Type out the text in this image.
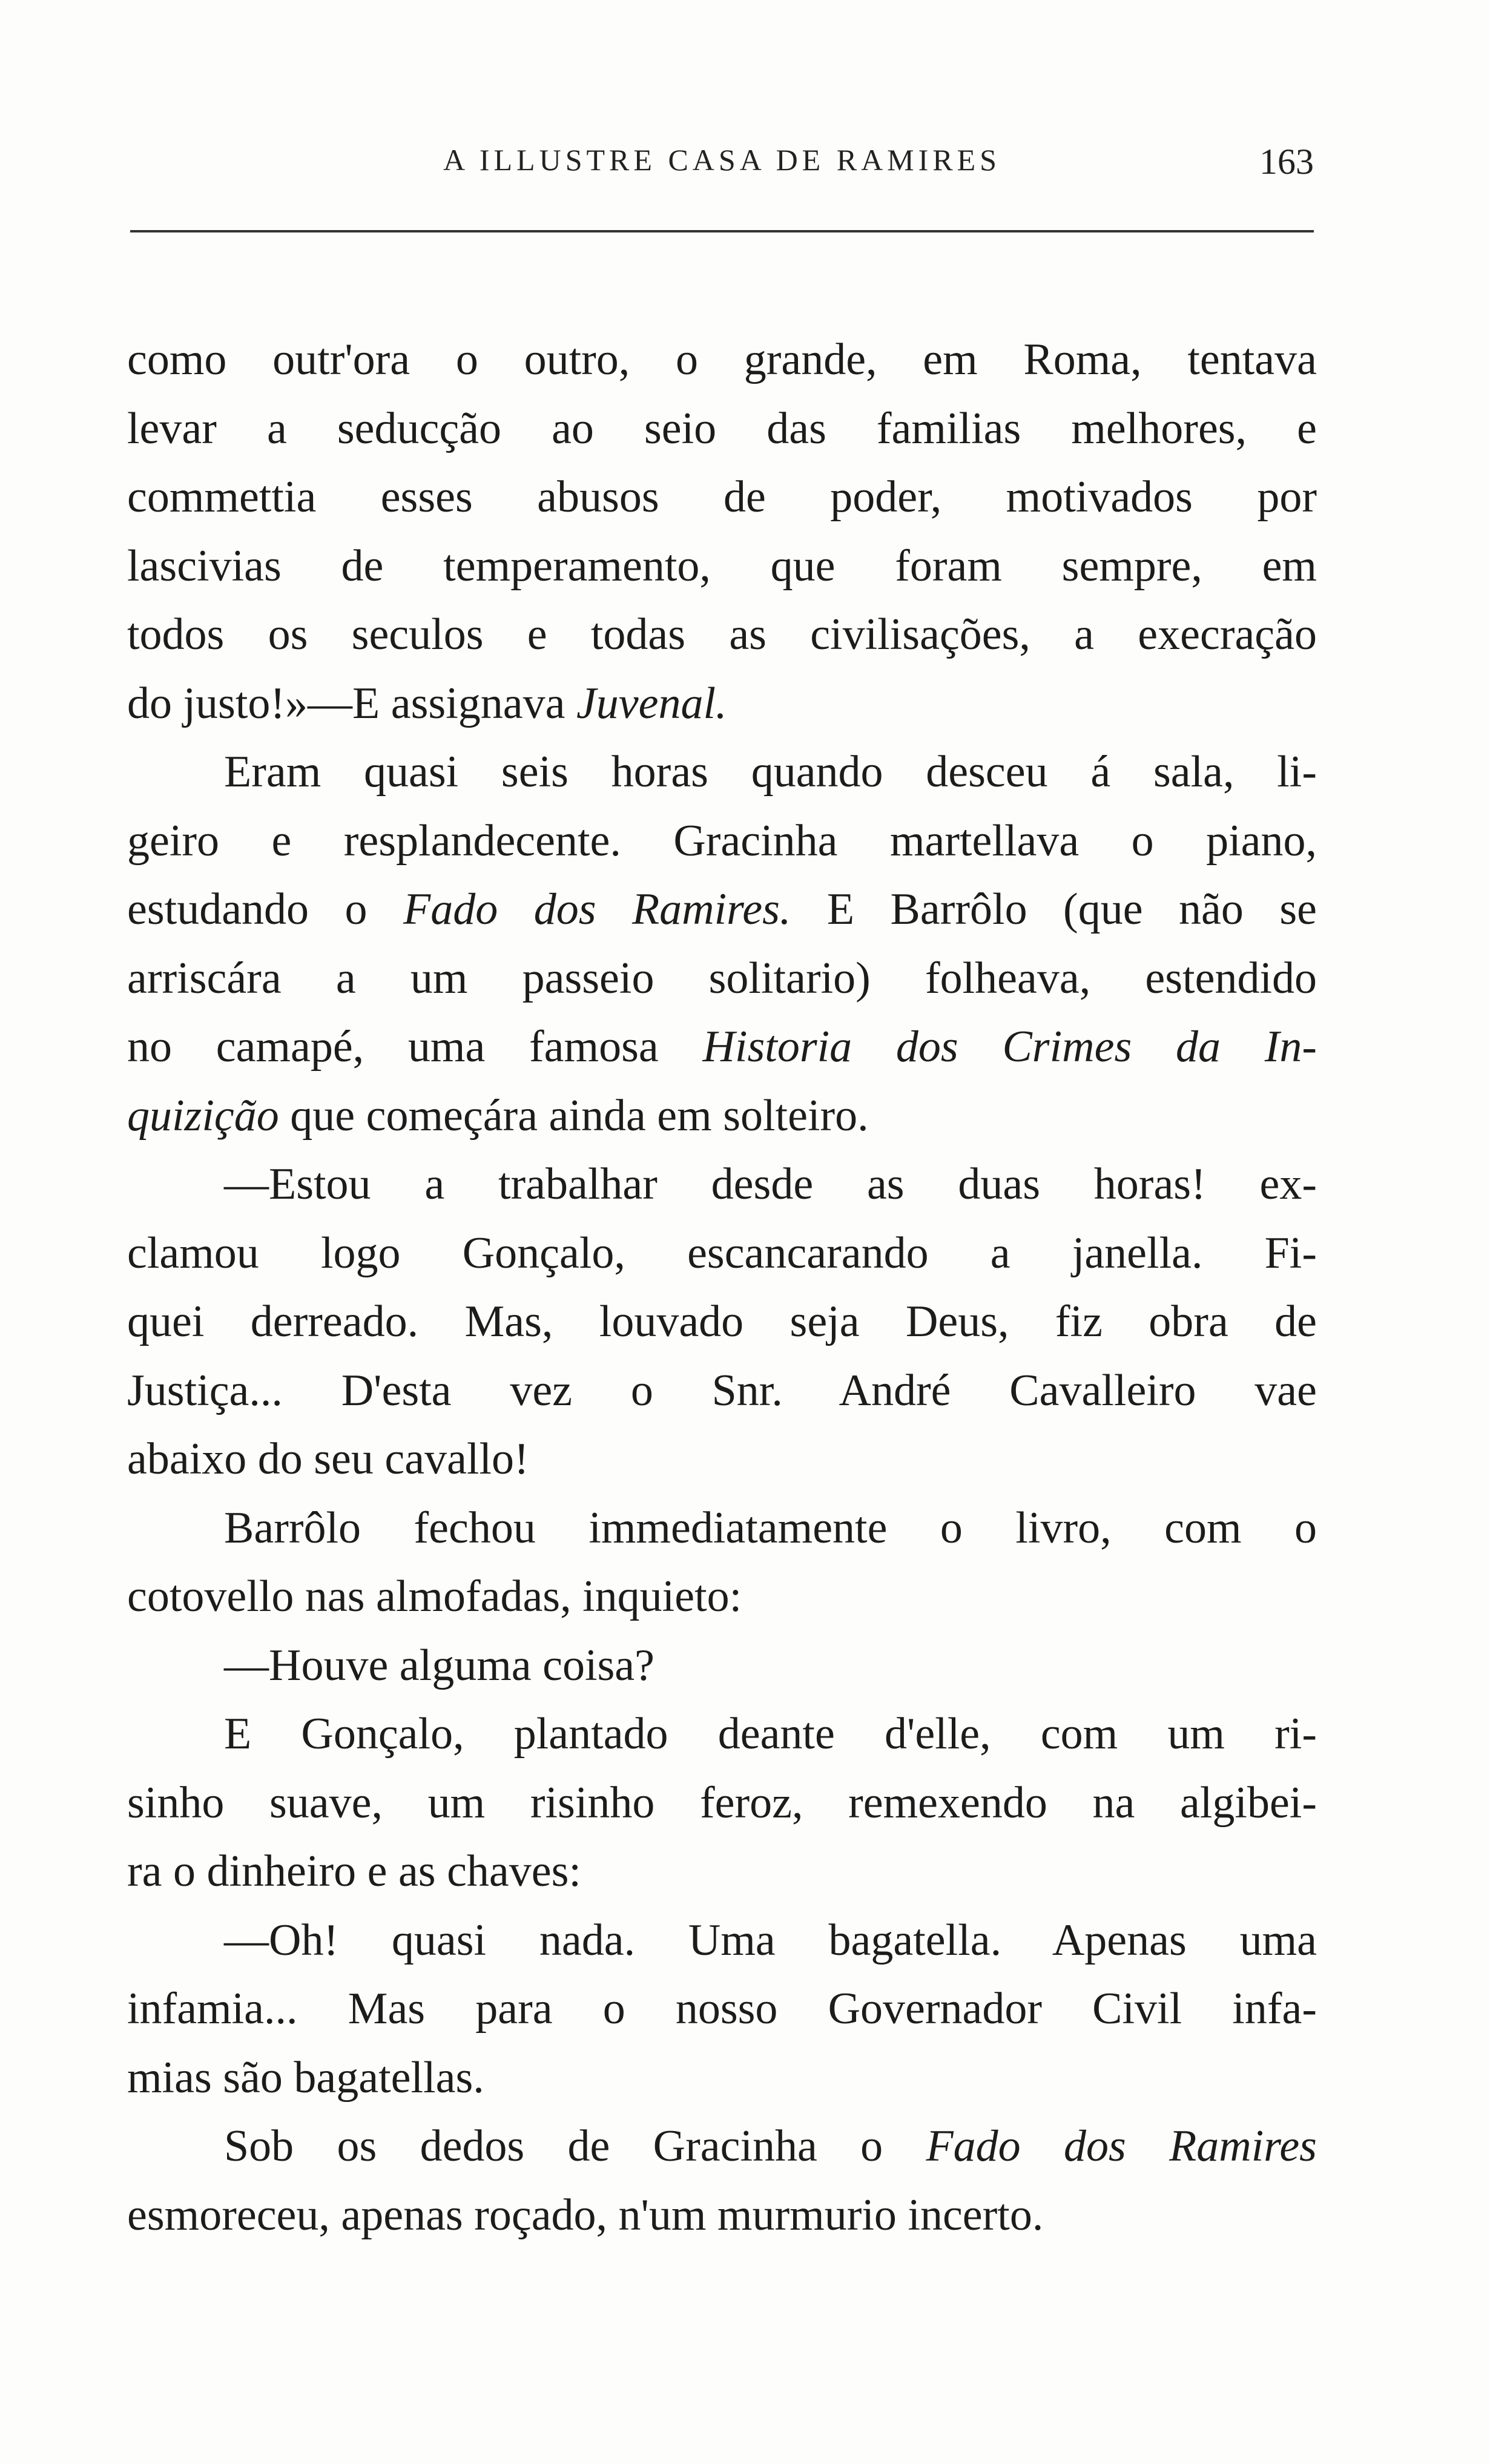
A ILLUSTRE CASA DE RAMIRES	163
como outr'ora o outro, o grande, em Roma, tentava
levar a seducção ao seio das familias melhores, e
commettia esses abusos de poder, motivados por
lascivias de temperamento, que foram sempre, em
todos os seculos e todas as civilisações, a execração
do justo!»—E assignava Juvenal.
Eram quasi seis horas quando desceu á sala, li-
geiro e resplandecente. Gracinha martellava o piano,
estudando o Fado dos Ramires. E Barrôlo (que não se
arriscára a um passeio solitario) folheava, estendido
no camapé, uma famosa Historia dos Crimes da In-
quizição que começára ainda em solteiro.
—Estou a trabalhar desde as duas horas! ex-
clamou logo Gonçalo, escancarando a janella. Fi-
quei derreado. Mas, louvado seja Deus, fiz obra de
Justiça... D'esta vez o Snr. André Cavalleiro vae
abaixo do seu cavallo!
Barrôlo fechou immediatamente o livro, com o
cotovello nas almofadas, inquieto:
—Houve alguma coisa?
E Gonçalo, plantado deante d'elle, com um ri-
sinho suave, um risinho feroz, remexendo na algibei-
ra o dinheiro e as chaves:
—Oh! quasi nada. Uma bagatella. Apenas uma
infamia... Mas para o nosso Governador Civil infa-
mias são bagatellas.
Sob os dedos de Gracinha o Fado dos Ramires
esmoreceu, apenas roçado, n'um murmurio incerto.
